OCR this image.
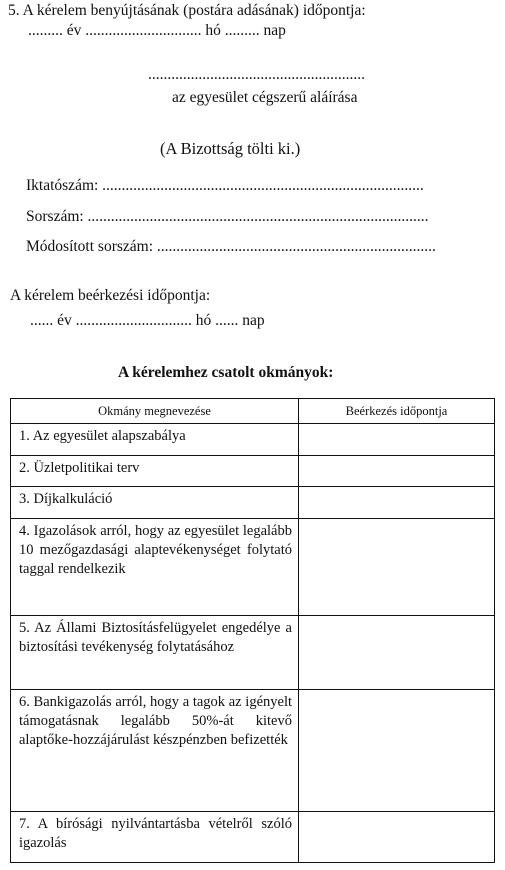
5. A kérelem benyújtásának (postára adásának) időpontja:
......... év .............................. hó ......... nap
........................................................
az egyesület cégszerű aláírása
(A Bizottság tölti ki.)
Iktatószám: ...................................................................................
Sorszám: ........................................................................................
Módosított sorszám: ........................................................................
A kérelem beérkezési időpontja:
...... év .............................. hó ...... nap
A kérelemhez csatolt okmányok:
Okmány megnevezése	Beérkezés időpontja
1. Az egyesület alapszabálya	
2. Üzletpolitikai terv	
3. Díjkalkuláció	
4. Igazolások arról, hogy az egyesület legalább 10 mezőgazdasági alaptevékenységet folytató taggal rendelkezik	
5. Az Állami Biztosításfelügyelet engedélye a biztosítási tevékenység folytatásához	
6. Bankigazolás arról, hogy a tagok az igényelt támogatásnak legalább 50%-át kitevő alaptőke-hozzájárulást készpénzben befizették	
7. A bírósági nyilvántartásba vételről szóló igazolás	
